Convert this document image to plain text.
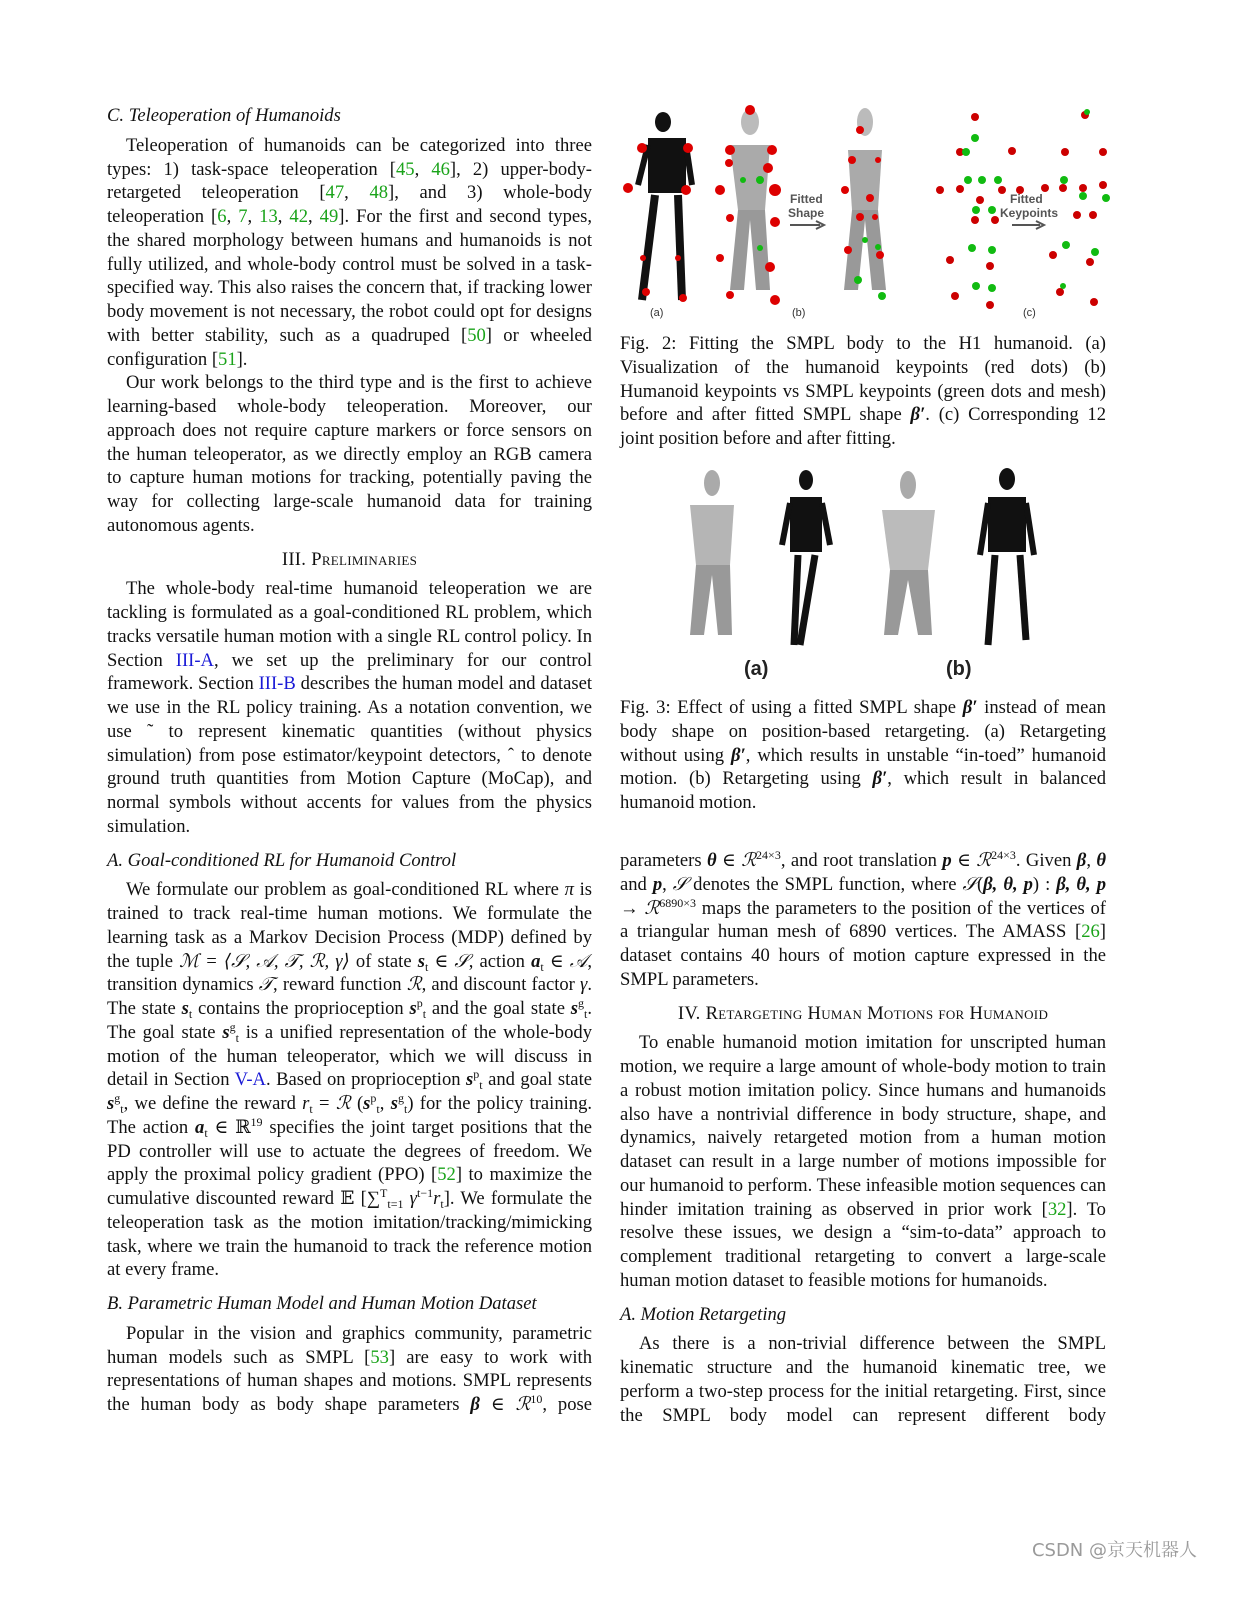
C. Teleoperation of Humanoids

Teleoperation of humanoids can be categorized into three types: 1) task-space teleoperation [45, 46], 2) upper-body-retargeted teleoperation [47, 48], and 3) whole-body teleoperation [6, 7, 13, 42, 49]. For the first and second types, the shared morphology between humans and humanoids is not fully utilized, and whole-body control must be solved in a task-specified way. This also raises the concern that, if tracking lower body movement is not necessary, the robot could opt for designs with better stability, such as a quadruped [50] or wheeled configuration [51].

Our work belongs to the third type and is the first to achieve learning-based whole-body teleoperation. Moreover, our approach does not require capture markers or force sensors on the human teleoperator, as we directly employ an RGB camera to capture human motions for tracking, potentially paving the way for collecting large-scale humanoid data for training autonomous agents.

III. Preliminaries

The whole-body real-time humanoid teleoperation we are tackling is formulated as a goal-conditioned RL problem, which tracks versatile human motion with a single RL control policy. In Section III-A, we set up the preliminary for our control framework. Section III-B describes the human model and dataset we use in the RL policy training. As a notation convention, we use ˜ to represent kinematic quantities (without physics simulation) from pose estimator/keypoint detectors, ˆ to denote ground truth quantities from Motion Capture (MoCap), and normal symbols without accents for values from the physics simulation.

A. Goal-conditioned RL for Humanoid Control

We formulate our problem as goal-conditioned RL where π is trained to track real-time human motions. We formulate the learning task as a Markov Decision Process (MDP) defined by the tuple ℳ = ⟨𝒮, 𝒜, 𝒯, ℛ, γ⟩ of state $s_t$ ∈ 𝒮, action $a_t$ ∈ 𝒜, transition dynamics 𝒯, reward function ℛ, and discount factor γ. The state $s_t$ contains the proprioception $s^p_t$ and the goal state $s^g_t$. The goal state $s^g_t$ is a unified representation of the whole-body motion of the human teleoperator, which we will discuss in detail in Section V-A. Based on proprioception $s^p_t$ and goal state $s^g_t$, we define the reward $r_t$ = ℛ ($s^p_t$, $s^g_t$) for the policy training. The action $a_t$ ∈ ℝ$^{19}$ specifies the joint target positions that the PD controller will use to actuate the degrees of freedom. We apply the proximal policy gradient (PPO) [52] to maximize the cumulative discounted reward 𝔼 [∑$^T_{t=1}$ $\gamma^{t-1}r_t$]. We formulate the teleoperation task as the motion imitation/tracking/mimicking task, where we train the humanoid to track the reference motion at every frame.

B. Parametric Human Model and Human Motion Dataset

Popular in the vision and graphics community, parametric human models such as SMPL [53] are easy to work with representations of human shapes and motions. SMPL represents the human body as body shape parameters β ∈ ℛ$^{10}$, pose

(a)	(b)
Fitted
Shape
(c)
Fitted
Keypoints

Fig. 2: Fitting the SMPL body to the H1 humanoid. (a) Visualization of the humanoid keypoints (red dots) (b) Humanoid keypoints vs SMPL keypoints (green dots and mesh) before and after fitted SMPL shape β′. (c) Corresponding 12 joint position before and after fitting.

(a)	(b)

Fig. 3: Effect of using a fitted SMPL shape β′ instead of mean body shape on position-based retargeting. (a) Retargeting without using β′, which results in unstable “in-toed” humanoid motion. (b) Retargeting using β′, which result in balanced humanoid motion.

parameters θ ∈ ℛ$^{24\times 3}$, and root translation p ∈ ℛ$^{24\times 3}$. Given β, θ and p, 𝒮 denotes the SMPL function, where 𝒮(β, θ, p) : β, θ, p → ℛ$^{6890\times 3}$ maps the parameters to the position of the vertices of a triangular human mesh of 6890 vertices. The AMASS [26] dataset contains 40 hours of motion capture expressed in the SMPL parameters.

IV. Retargeting Human Motions for Humanoid

To enable humanoid motion imitation for unscripted human motion, we require a large amount of whole-body motion to train a robust motion imitation policy. Since humans and humanoids also have a nontrivial difference in body structure, shape, and dynamics, naively retargeted motion from a human motion dataset can result in a large number of motions impossible for our humanoid to perform. These infeasible motion sequences can hinder imitation training as observed in prior work [32]. To resolve these issues, we design a “sim-to-data” approach to complement traditional retargeting to convert a large-scale human motion dataset to feasible motions for humanoids.

A. Motion Retargeting

As there is a non-trivial difference between the SMPL kinematic structure and the humanoid kinematic tree, we perform a two-step process for the initial retargeting. First, since the SMPL body model can represent different body

CSDN @京天机器人
